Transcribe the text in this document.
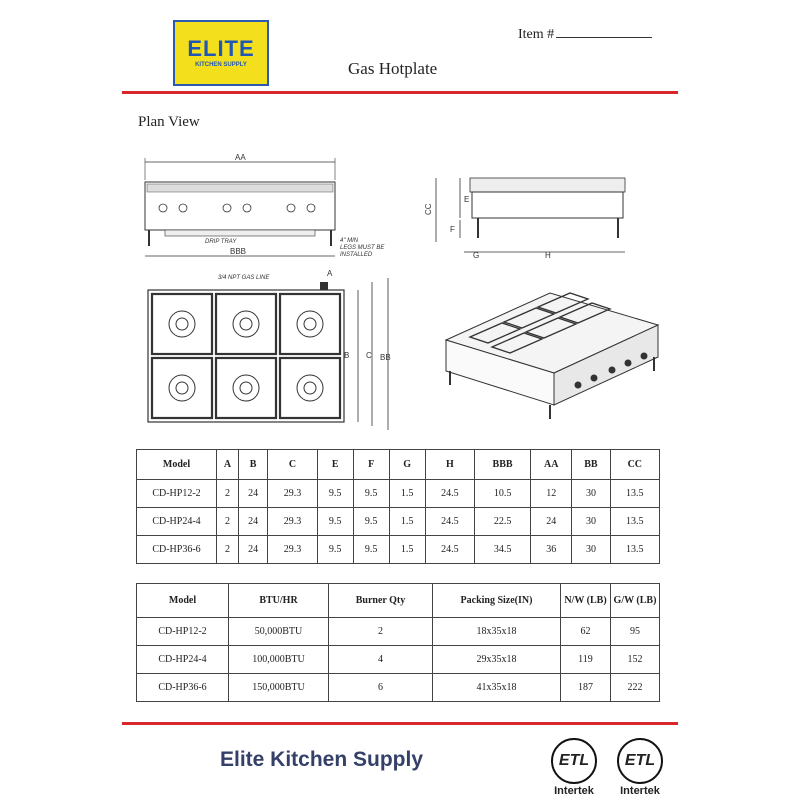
ELITE
KITCHEN SUPPLY
Item #
Gas Hotplate
Plan View
AA
DRIP TRAY
BBB
4" MIN
LEGS MUST BE
INSTALLED
CC
E
F
G	H
3/4 NPT GAS LINE	A
B C BB
Model	A	B	C	E	F	G	H	BBB	AA	BB	CC
CD-HP12-2	2	24	29.3	9.5	9.5	1.5	24.5	10.5	12	30	13.5
CD-HP24-4	2	24	29.3	9.5	9.5	1.5	24.5	22.5	24	30	13.5
CD-HP36-6	2	24	29.3	9.5	9.5	1.5	24.5	34.5	36	30	13.5
Model	BTU/HR	Burner Qty	Packing Size(IN)	N/W (LB)	G/W (LB)
CD-HP12-2	50,000BTU	2	18x35x18	62	95
CD-HP24-4	100,000BTU	4	29x35x18	119	152
CD-HP36-6	150,000BTU	6	41x35x18	187	222
Elite Kitchen Supply	ETL
Intertek
ETL
Intertek
